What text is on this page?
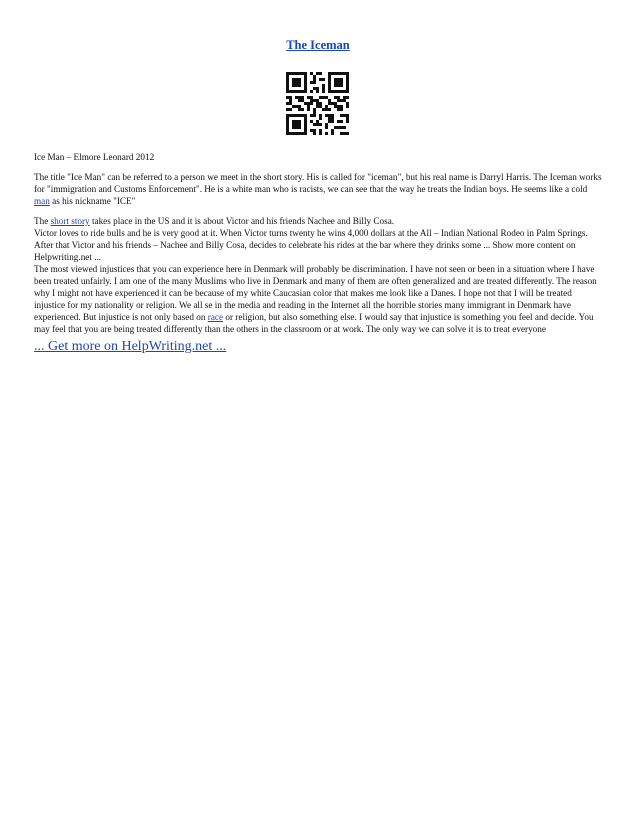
The Iceman

Ice Man – Elmore Leonard 2012

The title "Ice Man" can be referred to a person we meet in the short story. His is called for "iceman", but his real name is Darryl Harris. The Iceman works for "immigration and Customs Enforcement". He is a white man who is racists, we can see that the way he treats the Indian boys. He seems like a cold man as his nickname "ICE"

The short story takes place in the US and it is about Victor and his friends Nachee and Billy Cosa.

Victor loves to ride bulls and he is very good at it. When Victor turns twenty he wins 4,000 dollars at the All – Indian National Rodeo in Palm Springs. After that Victor and his friends – Nachee and Billy Cosa, decides to celebrate his rides at the bar where they drinks some ... Show more content on Helpwriting.net ...

The most viewed injustices that you can experience here in Denmark will probably be discrimination. I have not seen or been in a situation where I have been treated unfairly. I am one of the many Muslims who live in Denmark and many of them are often generalized and are treated differently. The reason why I might not have experienced it can be because of my white Caucasian color that makes me look like a Danes. I hope not that I will be treated injustice for my nationality or religion. We all se in the media and reading in the Internet all the horrible stories many immigrant in Denmark have experienced. But injustice is not only based on race or religion, but also something else. I would say that injustice is something you feel and decide. You may feel that you are being treated differently than the others in the classroom or at work. The only way we can solve it is to treat everyone

... Get more on HelpWriting.net ...
